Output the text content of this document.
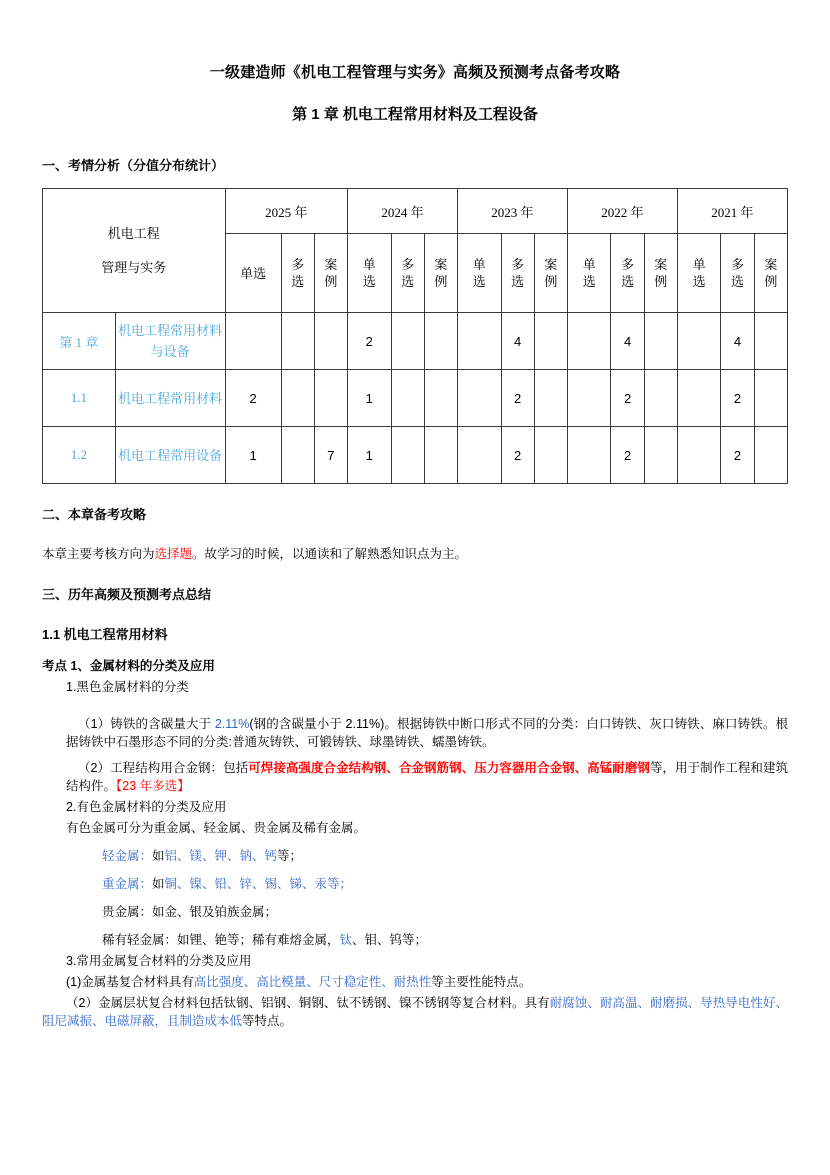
一级建造师《机电工程管理与实务》高频及预测考点备考攻略
第 1 章 机电工程常用材料及工程设备
一、考情分析（分值分布统计）
机电工程
管理与实务		2025 年			2024 年			2023 年			2022 年			2021 年		
		单选	多选	案例	单选	多选	案例	单选	多选	案例	单选	多选	案例	单选	多选	案例
第 1 章	机电工程常用材料与设备				2				4			4			4	
1.1	机电工程常用材料	2			1				2			2			2	
1.2	机电工程常用设备	1		7	1				2			2			2	
二、本章备考攻略

本章主要考核方向为选择题。故学习的时候，以通读和了解熟悉知识点为主。

三、历年高频及预测考点总结
1.1 机电工程常用材料
考点 1、金属材料的分类及应用

1.黑色金属材料的分类

（1）铸铁的含碳量大于 2.11%(钢的含碳量小于 2.11%)。根据铸铁中断口形式不同的分类：白口铸铁、灰口铸铁、麻口铸铁。根据铸铁中石墨形态不同的分类:普通灰铸铁、可锻铸铁、球墨铸铁、蠕墨铸铁。

（2）工程结构用合金钢：包括可焊接高强度合金结构钢、合金钢筋钢、压力容器用合金钢、高锰耐磨钢等，用于制作工程和建筑结构件。【23 年多选】

2.有色金属材料的分类及应用

有色金属可分为重金属、轻金属、贵金属及稀有金属。

轻金属：如铝、镁、钾、钠、钙等；

重金属：如铜、镍、铅、锌、锡、锑、汞等；

贵金属：如金、银及铂族金属；

稀有轻金属：如锂、铯等；稀有难熔金属，钛、钼、钨等；

3.常用金属复合材料的分类及应用

(1)金属基复合材料具有高比强度、高比模量、尺寸稳定性、耐热性等主要性能特点。

（2）金属层状复合材料包括钛钢、铝钢、铜钢、钛不锈钢、镍不锈钢等复合材料。具有耐腐蚀、耐高温、耐磨损、导热导电性好、阻尼减振、电磁屏蔽，且制造成本低等特点。
